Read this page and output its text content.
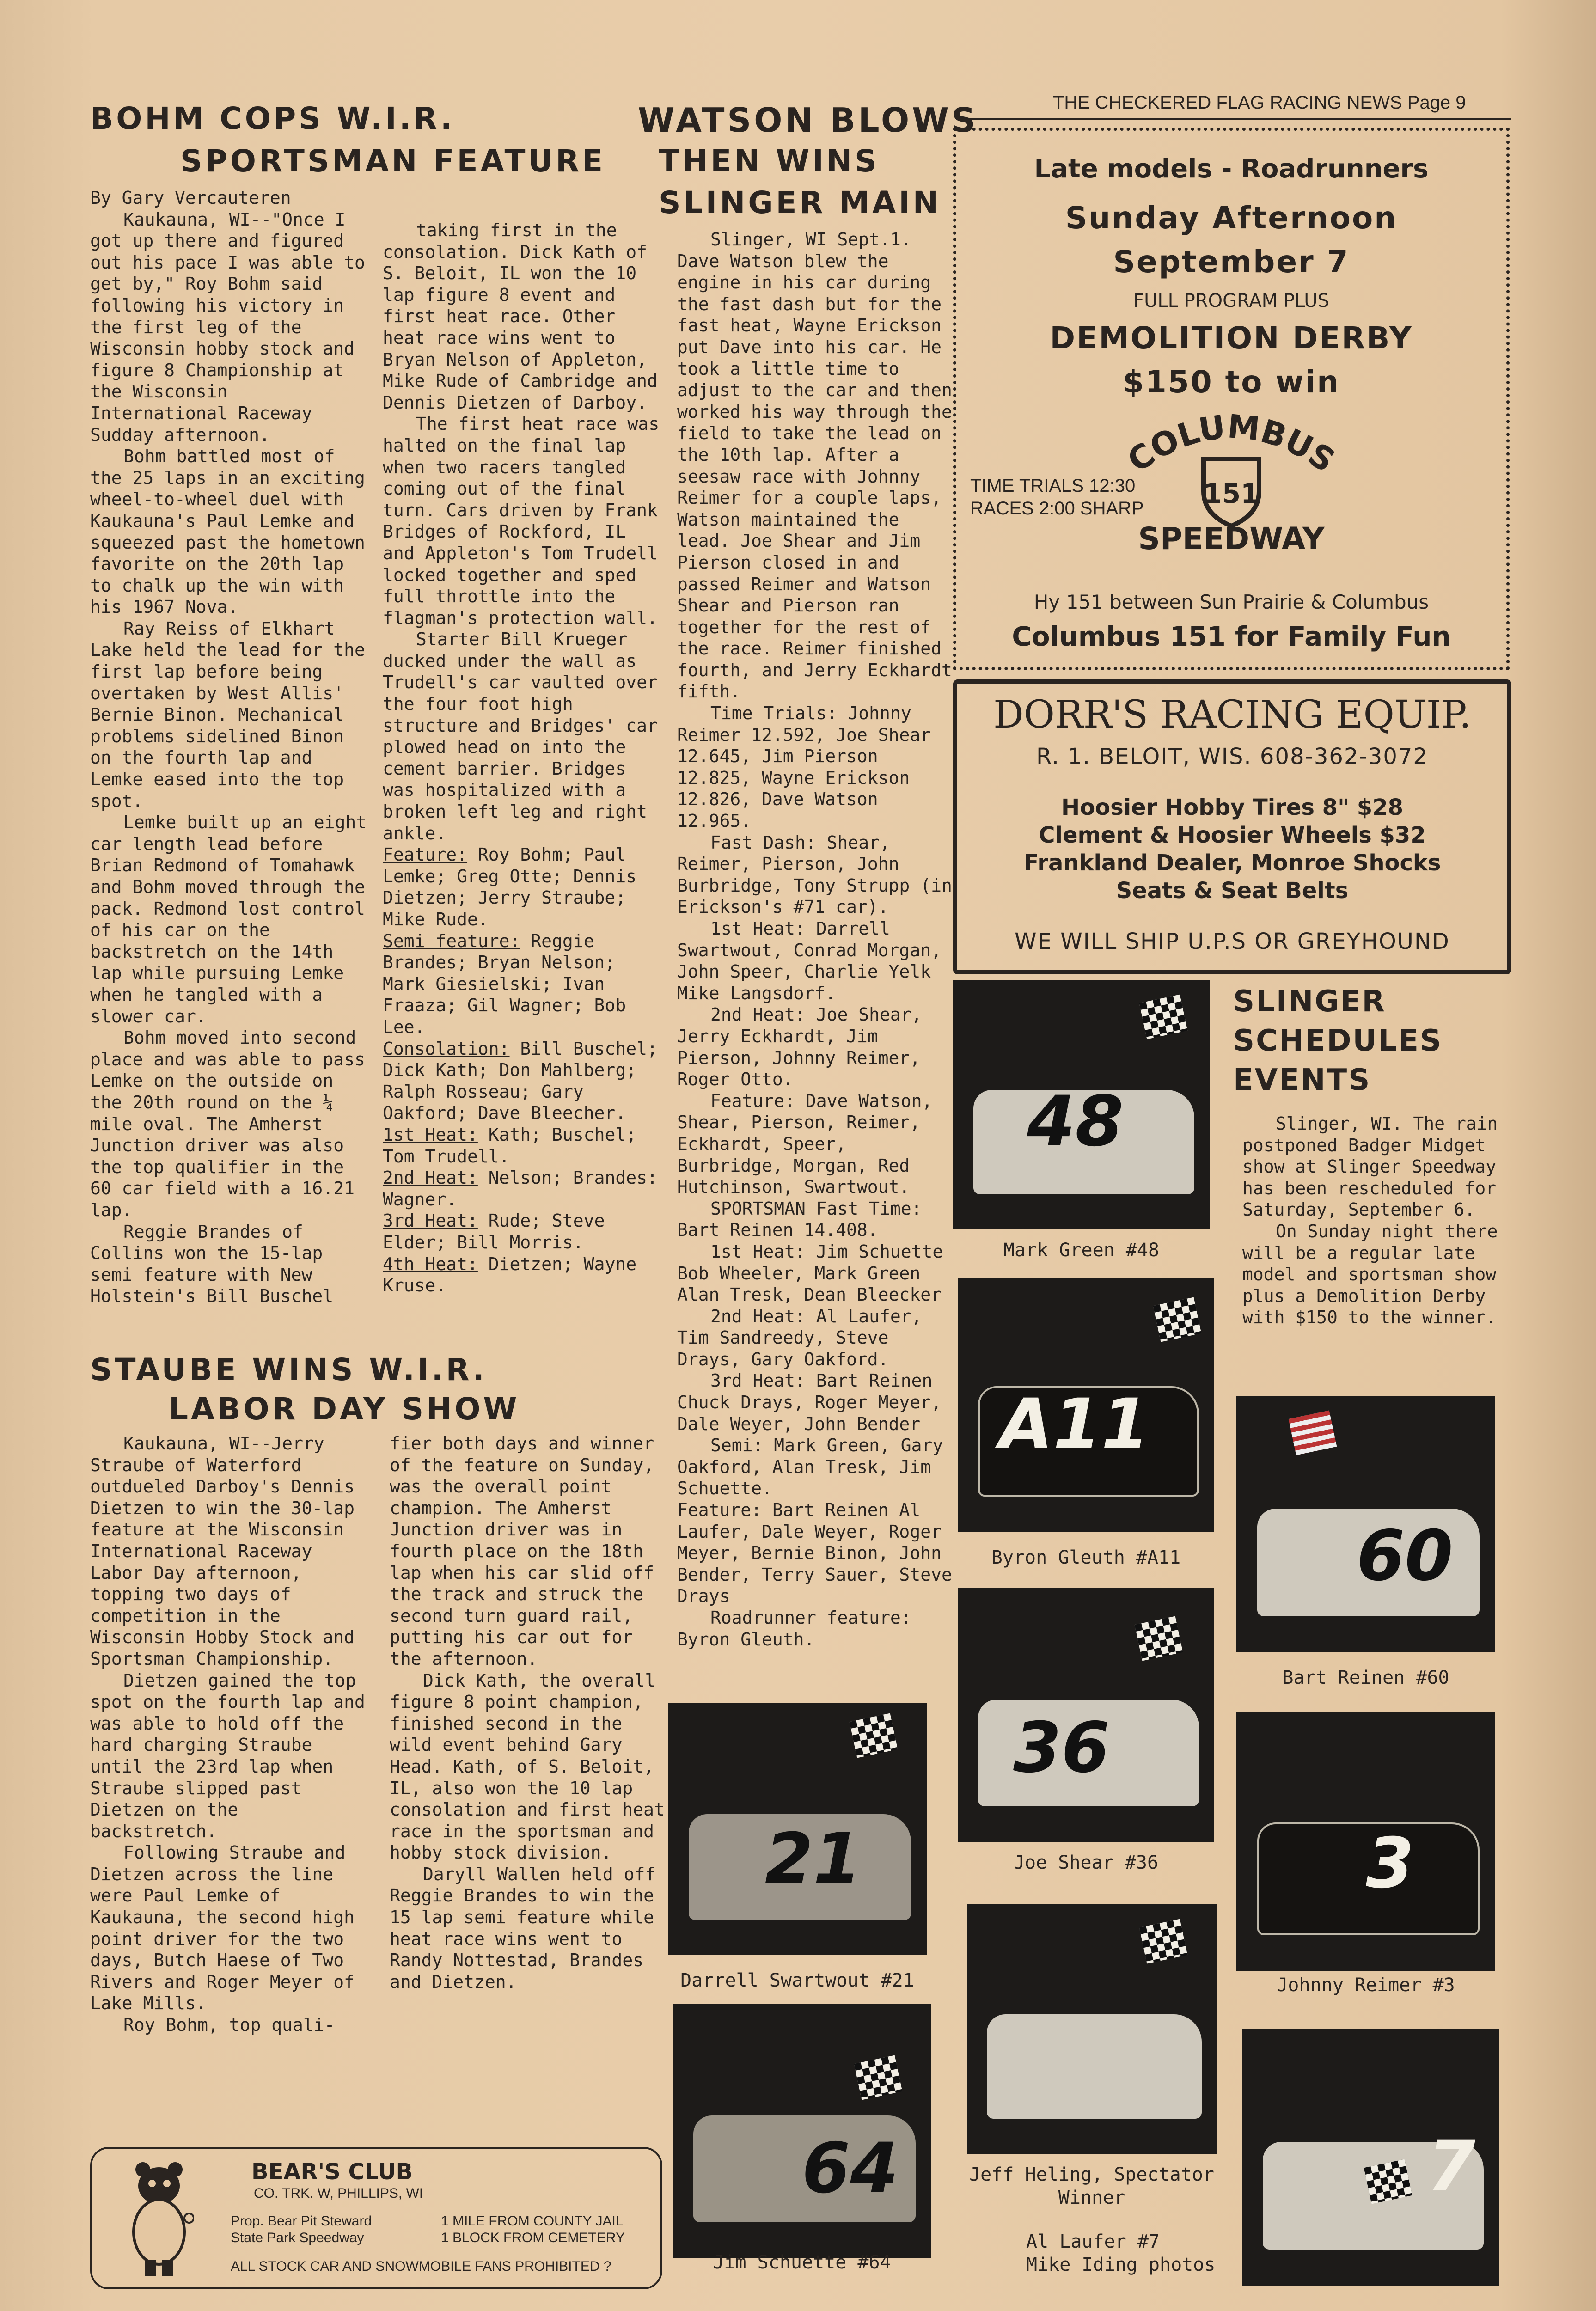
THE CHECKERED FLAG RACING NEWS Page 9
BOHM COPS W.I.R.
SPORTSMAN FEATURE

By Gary Vercauteren

Kaukauna, WI--"Once I got up there and figured out his pace I was able to get by," Roy Bohm said following his victory in the first leg of the Wisconsin hobby stock and figure 8 Championship at the Wisconsin International Raceway Sudday afternoon.

Bohm battled most of the 25 laps in an exciting wheel-to-wheel duel with Kaukauna's Paul Lemke and squeezed past the hometown favorite on the 20th lap to chalk up the win with his 1967 Nova.

Ray Reiss of Elkhart Lake held the lead for the first lap before being overtaken by West Allis' Bernie Binon. Mechanical problems sidelined Binon on the fourth lap and Lemke eased into the top spot.

Lemke built up an eight car length lead before Brian Redmond of Tomahawk and Bohm moved through the pack. Redmond lost control of his car on the backstretch on the 14th lap while pursuing Lemke when he tangled with a slower car.

Bohm moved into second place and was able to pass Lemke on the outside on the 20th round on the ¼ mile oval. The Amherst Junction driver was also the top qualifier in the 60 car field with a 16.21 lap.

Reggie Brandes of Collins won the 15-lap semi feature with New Holstein's Bill Buschel

taking first in the consolation. Dick Kath of S. Beloit, IL won the 10 lap figure 8 event and first heat race. Other heat race wins went to Bryan Nelson of Appleton, Mike Rude of Cambridge and Dennis Dietzen of Darboy.

The first heat race was halted on the final lap when two racers tangled coming out of the final turn. Cars driven by Frank Bridges of Rockford, IL and Appleton's Tom Trudell locked together and sped full throttle into the flagman's protection wall.

Starter Bill Krueger ducked under the wall as Trudell's car vaulted over the four foot high structure and Bridges' car plowed head on into the cement barrier. Bridges was hospitalized with a broken left leg and right ankle.

Feature: Roy Bohm; Paul Lemke; Greg Otte; Dennis Dietzen; Jerry Straube; Mike Rude.

Semi feature: Reggie Brandes; Bryan Nelson; Mark Giesielski; Ivan Fraaza; Gil Wagner; Bob Lee.

Consolation: Bill Buschel; Dick Kath; Don Mahlberg; Ralph Rosseau; Gary Oakford; Dave Bleecher.

1st Heat: Kath; Buschel; Tom Trudell.

2nd Heat: Nelson; Brandes: Wagner.

3rd Heat: Rude; Steve Elder; Bill Morris.

4th Heat: Dietzen; Wayne Kruse.

STAUBE WINS W.I.R.
LABOR DAY SHOW

Kaukauna, WI--Jerry Straube of Waterford outdueled Darboy's Dennis Dietzen to win the 30-lap feature at the Wisconsin International Raceway Labor Day afternoon, topping two days of competition in the Wisconsin Hobby Stock and Sportsman Championship.

Dietzen gained the top spot on the fourth lap and was able to hold off the hard charging Straube until the 23rd lap when Straube slipped past Dietzen on the backstretch.

Following Straube and Dietzen across the line were Paul Lemke of Kaukauna, the second high point driver for the two days, Butch Haese of Two Rivers and Roger Meyer of Lake Mills.

Roy Bohm, top quali-

fier both days and winner of the feature on Sunday, was the overall point champion. The Amherst Junction driver was in fourth place on the 18th lap when his car slid off the track and struck the second turn guard rail, putting his car out for the afternoon.

Dick Kath, the overall figure 8 point champion, finished second in the wild event behind Gary Head. Kath, of S. Beloit, IL, also won the 10 lap consolation and first heat race in the sportsman and hobby stock division.

Daryll Wallen held off Reggie Brandes to win the 15 lap semi feature while heat race wins went to Randy Nottestad, Brandes and Dietzen.

WATSON BLOWS
THEN WINS
SLINGER MAIN

Slinger, WI Sept.1. Dave Watson blew the engine in his car during the fast dash but for the fast heat, Wayne Erickson put Dave into his car. He took a little time to adjust to the car and then worked his way through the field to take the lead on the 10th lap. After a seesaw race with Johnny Reimer for a couple laps, Watson maintained the lead. Joe Shear and Jim Pierson closed in and passed Reimer and Watson Shear and Pierson ran together for the rest of the race. Reimer finished fourth, and Jerry Eckhardt fifth.

Time Trials: Johnny Reimer 12.592, Joe Shear 12.645, Jim Pierson 12.825, Wayne Erickson 12.826, Dave Watson 12.965.

Fast Dash: Shear, Reimer, Pierson, John Burbridge, Tony Strupp (in Erickson's #71 car).

1st Heat: Darrell Swartwout, Conrad Morgan, John Speer, Charlie Yelk Mike Langsdorf.

2nd Heat: Joe Shear, Jerry Eckhardt, Jim Pierson, Johnny Reimer, Roger Otto.

Feature: Dave Watson, Shear, Pierson, Reimer, Eckhardt, Speer, Burbridge, Morgan, Red Hutchinson, Swartwout.

SPORTSMAN Fast Time: Bart Reinen 14.408.

1st Heat: Jim Schuette Bob Wheeler, Mark Green Alan Tresk, Dean Bleecker

2nd Heat: Al Laufer, Tim Sandreedy, Steve Drays, Gary Oakford.

3rd Heat: Bart Reinen Chuck Drays, Roger Meyer, Dale Weyer, John Bender

Semi: Mark Green, Gary Oakford, Alan Tresk, Jim Schuette.

Feature: Bart Reinen Al Laufer, Dale Weyer, Roger Meyer, Bernie Binon, John Bender, Terry Sauer, Steve Drays

Roadrunner feature: Byron Gleuth.

SLINGER
SCHEDULES
EVENTS

Slinger, WI. The rain postponed Badger Midget show at Slinger Speedway has been rescheduled for Saturday, September 6.

On Sunday night there will be a regular late model and sportsman show plus a Demolition Derby with $150 to the winner.

Late models - Roadrunners
Sunday Afternoon
September 7
FULL PROGRAM PLUS
DEMOLITION DERBY
$150 to win
COLUMBUS
151
SPEEDWAY
TIME TRIALS 12:30
RACES 2:00 SHARP
Hy 151 between Sun Prairie & Columbus
Columbus 151 for Family Fun
DORR'S RACING EQUIP.
R. 1. BELOIT, WIS. 608-362-3072
Hoosier Hobby Tires 8" $28
Clement & Hoosier Wheels $32
Frankland Dealer, Monroe Shocks
Seats & Seat Belts
WE WILL SHIP U.P.S OR GREYHOUND
BEAR'S CLUB
CO. TRK. W, PHILLIPS, WI
Prop. Bear Pit Steward
State Park Speedway
1 MILE FROM COUNTY JAIL
1 BLOCK FROM CEMETERY
ALL STOCK CAR AND SNOWMOBILE FANS PROHIBITED ?
48
Mark Green #48
A11
Byron Gleuth #A11	60
Bart Reinen #60
36
Joe Shear #36
21
Darrell Swartwout #21
3
Johnny Reimer #3
Jeff Heling, Spectator
Winner
64
Jim Schuette #64
7
Al Laufer #7
Mike Iding photos
